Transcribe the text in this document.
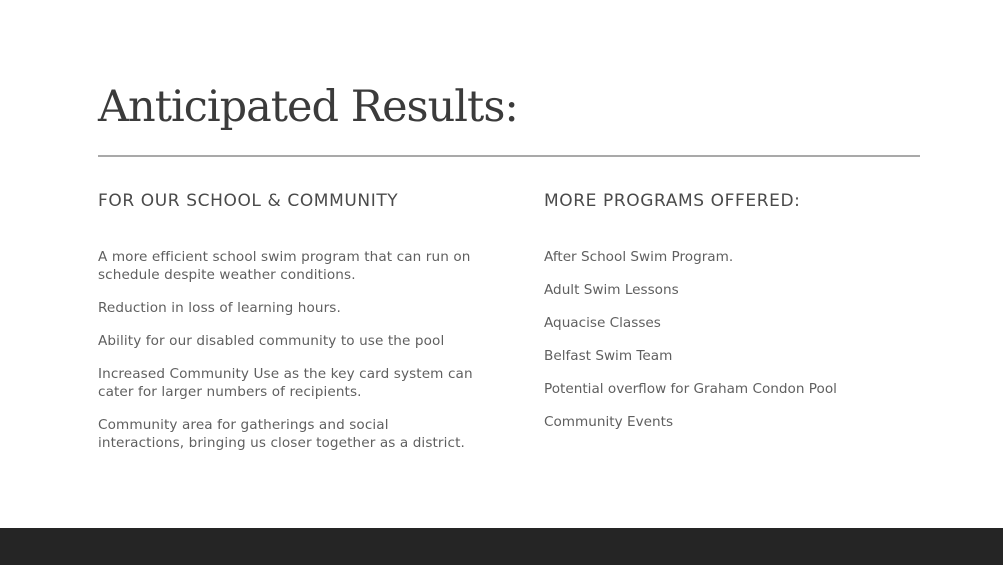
Anticipated Results:
FOR OUR SCHOOL & COMMUNITY
A more efficient school swim program that can run on schedule despite weather conditions.
Reduction in loss of learning hours.
Ability for our disabled community to use the pool
Increased Community Use as the key card system can cater for larger numbers of recipients.
Community area for gatherings and social interactions, bringing us closer together as a district.
MORE PROGRAMS OFFERED:
After School Swim Program.
Adult Swim Lessons
Aquacise Classes
Belfast Swim Team
Potential overflow for Graham Condon Pool
Community Events
